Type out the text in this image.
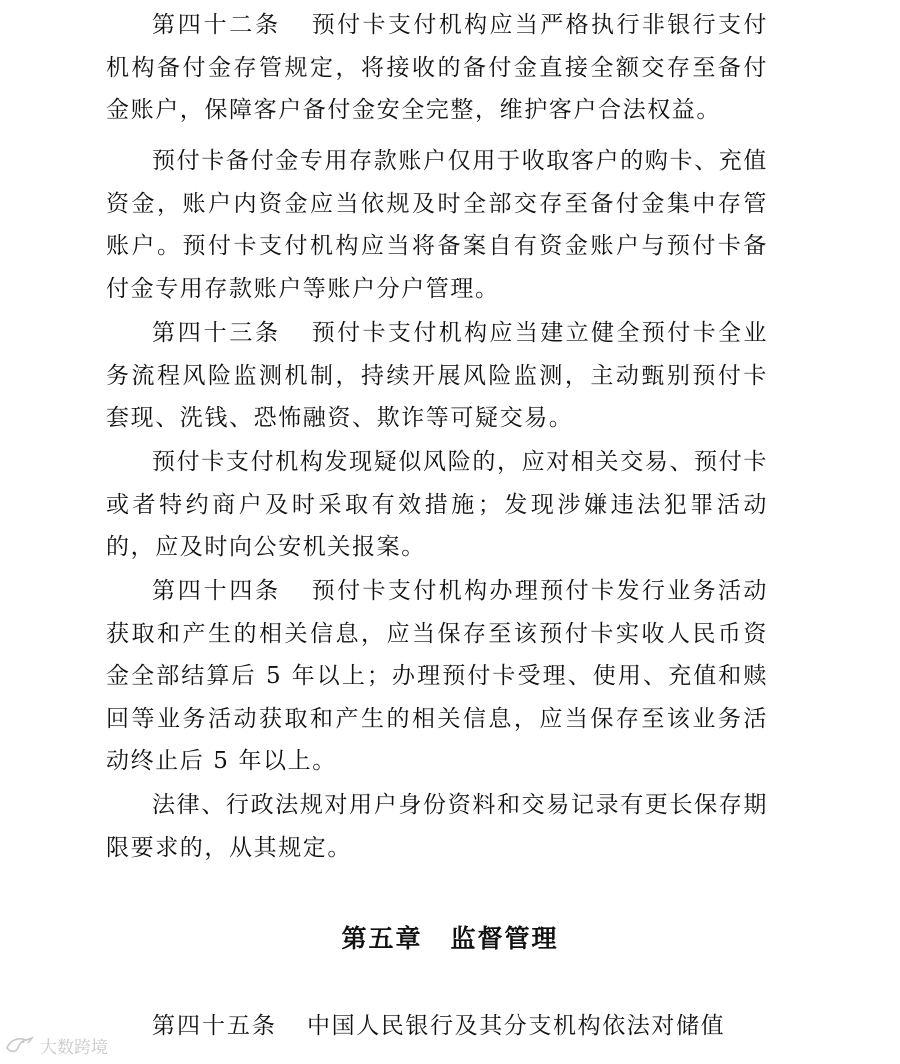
第四十二条 预付卡支付机构应当严格执行非银行支付机构备付金存管规定，将接收的备付金直接全额交存至备付金账户，保障客户备付金安全完整，维护客户合法权益。

预付卡备付金专用存款账户仅用于收取客户的购卡、充值资金，账户内资金应当依规及时全部交存至备付金集中存管账户。预付卡支付机构应当将备案自有资金账户与预付卡备付金专用存款账户等账户分户管理。

第四十三条 预付卡支付机构应当建立健全预付卡全业务流程风险监测机制，持续开展风险监测，主动甄别预付卡套现、洗钱、恐怖融资、欺诈等可疑交易。

预付卡支付机构发现疑似风险的，应对相关交易、预付卡或者特约商户及时采取有效措施；发现涉嫌违法犯罪活动的，应及时向公安机关报案。

第四十四条 预付卡支付机构办理预付卡发行业务活动获取和产生的相关信息，应当保存至该预付卡实收人民币资金全部结算后 5 年以上；办理预付卡受理、使用、充值和赎回等业务活动获取和产生的相关信息，应当保存至该业务活动终止后 5 年以上。

法律、行政法规对用户身份资料和交易记录有更长保存期限要求的，从其规定。

第五章 监督管理

第四十五条 中国人民银行及其分支机构依法对储值

大数跨境
